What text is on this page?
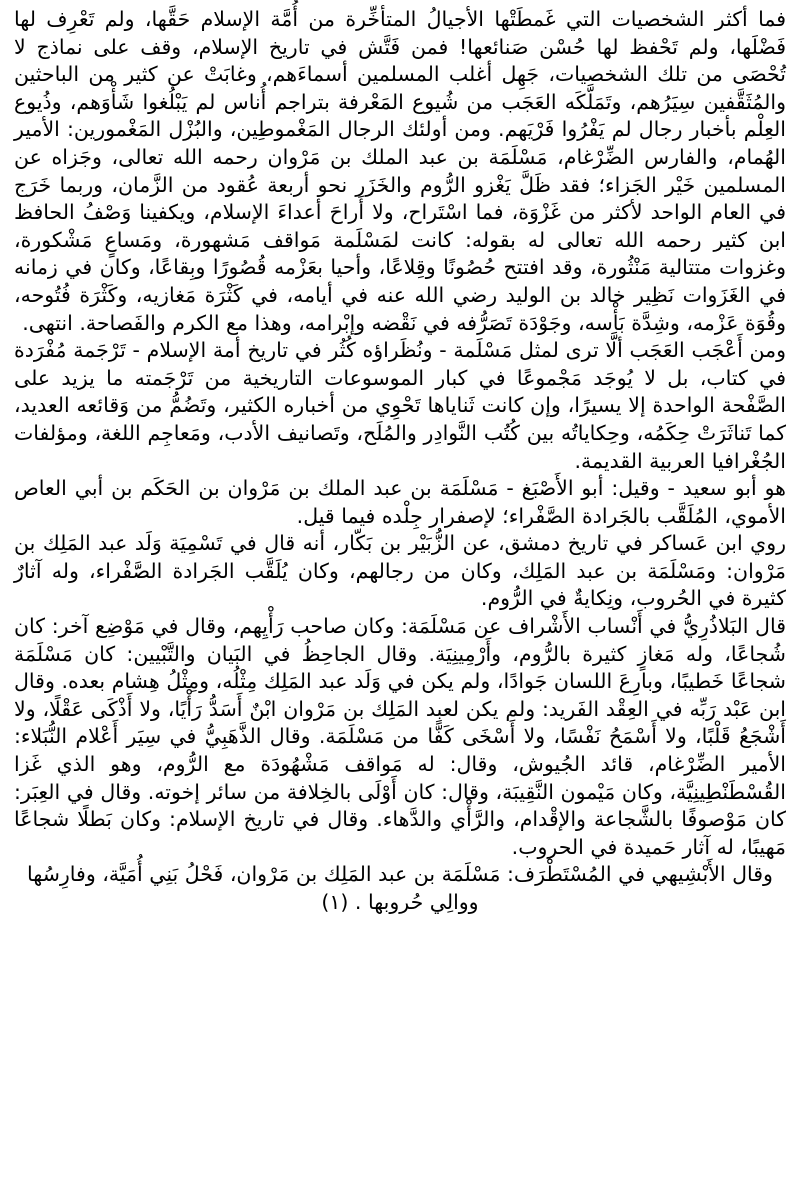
فما أكثر الشخصيات التي غَمطَتْها الأجيالُ المتأخِّرة من أُمَّة الإسلام حَقَّها، ولم تَعْرِف لها فَضْلَها، ولم تَحْفظ لها حُسْن صَنائعها! فمن فَتَّش في تاريخ الإسلام، وقف على نماذج لا تُحْصَى من تلك الشخصيات، جَهِل أغلب المسلمين أسماءَهم، وغابَتْ عن كثير من الباحثين والمُثَقَّفين سِيَرُهم، وتَمَلَّكَه العَجَب من شُيوع المَعْرفة بتراجم أُناس لم يَبْلُغوا شَأْوَهم، وذُيوع العِلْم بأخبار رجال لم يَفْرُوا فَرْيَهم. ومن أولئك الرجال المَغْموطِين، والبُزْل المَغْمورين: الأمير الهُمام، والفارس الضِّرْغام، مَسْلَمَة بن عبد الملك بن مَرْوان رحمه الله تعالى، وجَزاه عن المسلمين خَيْر الجَزاء؛ فقد ظَلَّ يَغْزو الرُّوم والخَزَر نحو أربعة عُقود من الزَّمان، وربما خَرَج في العام الواحد لأكثر من غَزْوَة، فما اسْتَراح، ولا أَراحَ أعداءَ الإسلام، ويكفينا وَصْفُ الحافظ ابن كثير رحمه الله تعالى له بقوله: كانت لمَسْلَمة مَواقف مَشهورة، ومَساعٍ مَشْكورة، وغزوات متتالية مَنْثُورة، وقد افتتح حُصُونًا وقِلاعًا، وأحيا بعَزْمه قُصُورًا وبِقاعًا، وكان في زمانه في الغَزَوات نَظِير خالد بن الوليد رضي الله عنه في أيامه، في كَثْرَة مَغازيه، وكَثْرَة فُتُوحه، وقُوَة عَزْمه، وشِدَّة بَأْسه، وجَوْدَة تَصَرُّفه في نَقْضه وإبْرامه، وهذا مع الكرم والفَصاحة. انتهى.

ومن أَعْجَب العَجَب ألَّا ترى لمثل مَسْلَمة - ونُظَراؤه كُثُر في تاريخ أمة الإسلام - تَرْجَمة مُفْرَدة في كتاب، بل لا يُوجَد مَجْموعًا في كبار الموسوعات التاريخية من تَرْجَمته ما يزيد على الصَّفْحة الواحدة إلا يسيرًا، وإن كانت ثَناياها تَحْوِي من أخباره الكثير، وتَضُمُّ من وَقائعه العديد، كما تَناثَرَتْ حِكَمُه، وحِكاياتُه بين كُتُب النَّوادِر والمُلَح، وتَصانيف الأدب، ومَعاجِم اللغة، ومؤلفات الجُغْرافيا العربية القديمة.

هو أبو سعيد - وقيل: أبو الأَصْبَغ - مَسْلَمَة بن عبد الملك بن مَرْوان بن الحَكَم بن أبي العاص الأموي، المُلَقَّب بالجَرادة الصَّفْراء؛ لإصفرار جِلْده فيما قيل.

روي ابن عَساكر في تاريخ دمشق، عن الزُّبَيْر بن بَكّار، أنه قال في تَسْمِيَة وَلَد عبد المَلِك بن مَرْوان: ومَسْلَمَة بن عبد المَلِك، وكان من رجالهم، وكان يُلَقَّب الجَرادة الصَّفْراء، وله آثارٌ كثيرة في الحُروب، ونِكايةٌ في الرُّوم.

قال البَلاذُرِيُّ في أَنْساب الأَشْراف عن مَسْلَمَة: وكان صاحب رَأْيِهم، وقال في مَوْضِع آخر: كان شُجاعًا، وله مَغازٍ كثيرة بالرُّوم، وأَرْمِينِيَة. وقال الجاحِظُ في البَيان والتَّبْيين: كان مَسْلَمَة شجاعًا خَطيبًا، وبارِعَ اللسان جَوادًا، ولم يكن في وَلَد عبد المَلِك مِثْلُه، ومِثْلُ هِشام بعده. وقال ابن عَبْد رَبِّه في العِقْد الفَريد: ولم يكن لعبد المَلِك بن مَرْوان ابْنٌ أَسَدُّ رَأْيًا، ولا أَذْكَى عَقْلًا، ولا أَشْجَعُ قَلْبًا، ولا أَسْمَحُ نَفْسًا، ولا أَسْخَى كَفًّا من مَسْلَمَة. وقال الذَّهَبِيُّ في سِيَر أَعْلام النُّبَلاء: الأمير الضِّرْغام، قائد الجُيوش، وقال: له مَواقف مَشْهُودَة مع الرُّوم، وهو الذي غَزا القُسْطَنْطِينِيَّة، وكان مَيْمون النَّقِيبَة، وقال: كان أَوْلَى بالخِلافة من سائر إخوته. وقال في العِبَر: كان مَوْصوفًا بالشَّجاعة والإقْدام، والرَّأْي والدَّهاء. وقال في تاريخ الإسلام: وكان بَطلًا شجاعًا مَهيبًا، له آثار حَميدة في الحروب.

وقال الأَبْشِيهي في المُسْتَطْرَف: مَسْلَمَة بن عبد المَلِك بن مَرْوان، فَحْلُ بَنِي أُمَيَّة، وفارِسُها ووالِي حُروبها . (١)
